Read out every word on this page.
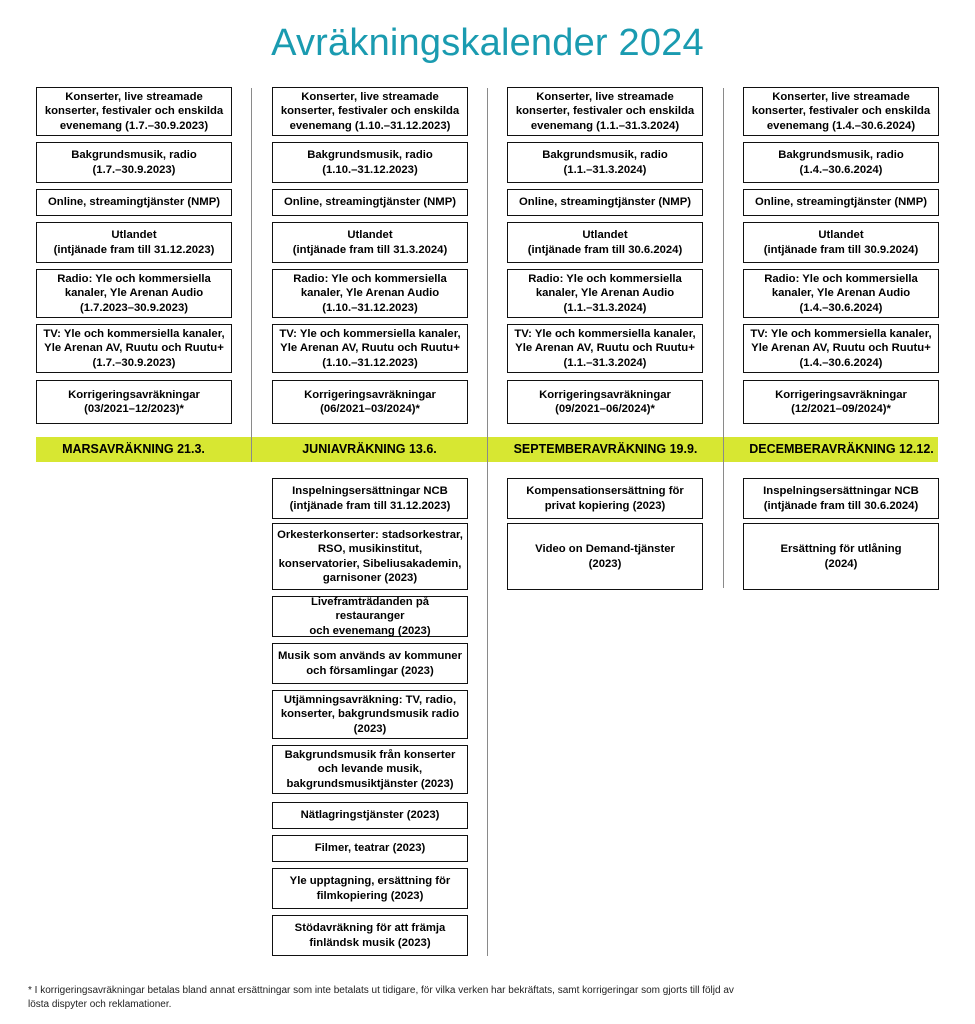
Avräkningskalender 2024
Konserter, live streamade
konserter, festivaler och enskilda
evenemang (1.7.–30.9.2023)
Bakgrundsmusik, radio
(1.7.–30.9.2023)
Online, streamingtjänster (NMP)
Utlandet
(intjänade fram till 31.12.2023)
Radio: Yle och kommersiella
kanaler, Yle Arenan Audio
(1.7.2023–30.9.2023)
TV: Yle och kommersiella kanaler,
Yle Arenan AV, Ruutu och Ruutu+
(1.7.–30.9.2023)
Korrigeringsavräkningar
(03/2021–12/2023)*
MARSAVRÄKNING 21.3.
Konserter, live streamade
konserter, festivaler och enskilda
evenemang (1.10.–31.12.2023)
Bakgrundsmusik, radio
(1.10.–31.12.2023)
Online, streamingtjänster (NMP)
Utlandet
(intjänade fram till 31.3.2024)
Radio: Yle och kommersiella
kanaler, Yle Arenan Audio
(1.10.–31.12.2023)
TV: Yle och kommersiella kanaler,
Yle Arenan AV, Ruutu och Ruutu+
(1.10.–31.12.2023)
Korrigeringsavräkningar
(06/2021–03/2024)*
JUNIAVRÄKNING 13.6.
Inspelningsersättningar NCB
(intjänade fram till 31.12.2023)
Orkesterkonserter: stadsorkestrar,
RSO, musikinstitut,
konservatorier, Sibeliusakademin,
garnisoner (2023)
Liveframträdanden på restauranger
och evenemang (2023)
Musik som används av kommuner
och församlingar (2023)
Utjämningsavräkning: TV, radio,
konserter, bakgrundsmusik radio
(2023)
Bakgrundsmusik från konserter
och levande musik,
bakgrundsmusiktjänster (2023)
Nätlagringstjänster (2023)
Filmer, teatrar (2023)
Yle upptagning, ersättning för
filmkopiering (2023)
Stödavräkning för att främja
finländsk musik (2023)
Konserter, live streamade
konserter, festivaler och enskilda
evenemang (1.1.–31.3.2024)
Bakgrundsmusik, radio
(1.1.–31.3.2024)
Online, streamingtjänster (NMP)
Utlandet
(intjänade fram till 30.6.2024)
Radio: Yle och kommersiella
kanaler, Yle Arenan Audio
(1.1.–31.3.2024)
TV: Yle och kommersiella kanaler,
Yle Arenan AV, Ruutu och Ruutu+
(1.1.–31.3.2024)
Korrigeringsavräkningar
(09/2021–06/2024)*
SEPTEMBERAVRÄKNING 19.9.
Kompensationsersättning för
privat kopiering (2023)
Video on Demand-tjänster
(2023)
Konserter, live streamade
konserter, festivaler och enskilda
evenemang (1.4.–30.6.2024)
Bakgrundsmusik, radio
(1.4.–30.6.2024)
Online, streamingtjänster (NMP)
Utlandet
(intjänade fram till 30.9.2024)
Radio: Yle och kommersiella
kanaler, Yle Arenan Audio
(1.4.–30.6.2024)
TV: Yle och kommersiella kanaler,
Yle Arenan AV, Ruutu och Ruutu+
(1.4.–30.6.2024)
Korrigeringsavräkningar
(12/2021–09/2024)*
DECEMBERAVRÄKNING 12.12.
Inspelningsersättningar NCB
(intjänade fram till 30.6.2024)
Ersättning för utlåning
(2024)
* I korrigeringsavräkningar betalas bland annat ersättningar som inte betalats ut tidigare, för vilka verken har bekräftats, samt korrigeringar som gjorts till följd av lösta dispyter och reklamationer.
